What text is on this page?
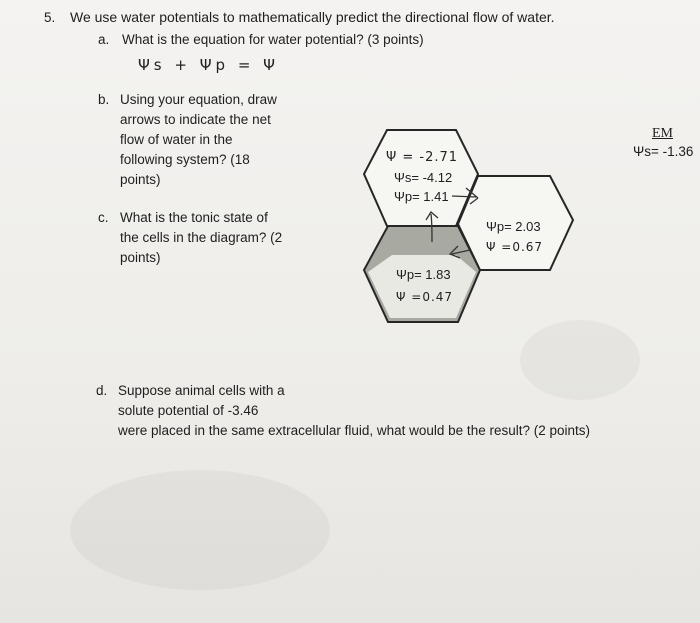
5. We use water potentials to mathematically predict the directional flow of water.
a. What is the equation for water potential? (3 points)
Ψs + Ψp = Ψ
b. Using your equation, draw
arrows to indicate the net
flow of water in the
following system? (18
points)
c. What is the tonic state of
the cells in the diagram? (2
points)
EM
Ψs= -1.36
Ψ = -2.71
Ψs= -4.12
Ψp= 1.41
Ψp= 2.03
Ψ =0.67
Ψp= 1.83
Ψ =0.47
d. Suppose animal cells with a
solute potential of -3.46
were placed in the same extracellular fluid, what would be the result? (2 points)
